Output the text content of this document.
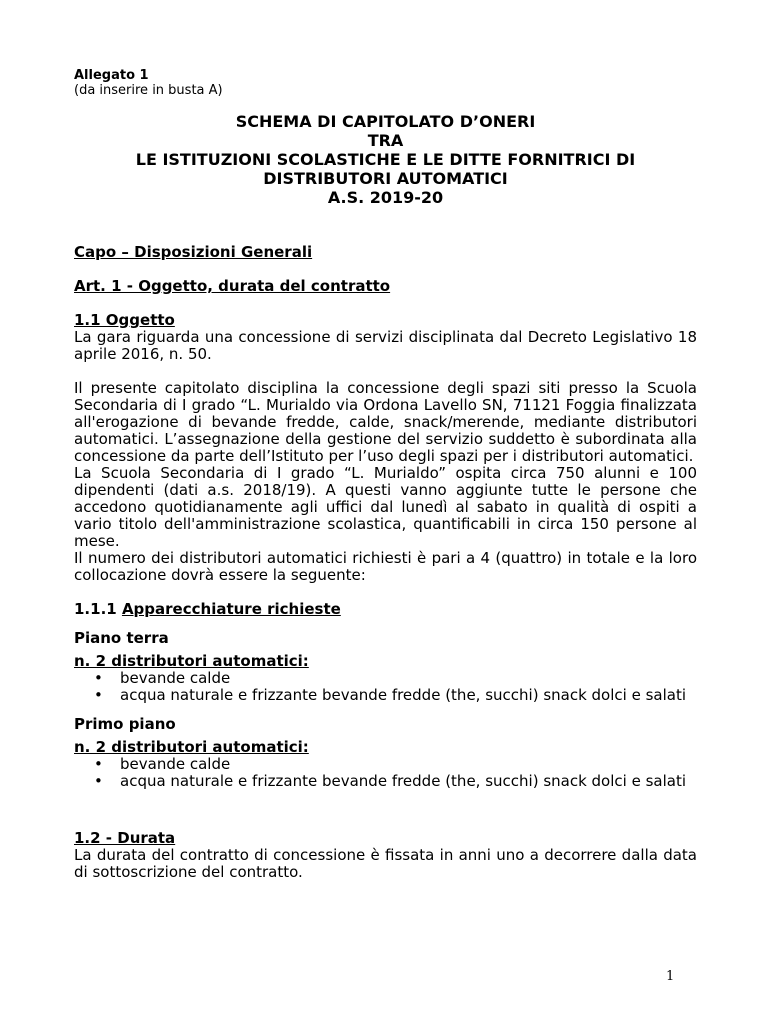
Allegato 1
(da inserire in busta A)
SCHEMA DI CAPITOLATO D’ONERI
TRA
LE ISTITUZIONI SCOLASTICHE E LE DITTE FORNITRICI DI
DISTRIBUTORI AUTOMATICI
A.S. 2019-20
Capo – Disposizioni Generali
Art. 1 - Oggetto, durata del contratto
1.1 Oggetto

La gara riguarda una concessione di servizi disciplinata dal Decreto Legislativo 18 aprile 2016, n. 50.

Il presente capitolato disciplina la concessione degli spazi siti presso la Scuola Secondaria di I grado “L. Murialdo via Ordona Lavello SN, 71121 Foggia finalizzata all'erogazione di bevande fredde, calde, snack/merende, mediante distributori automatici. L’assegnazione della gestione del servizio suddetto è subordinata alla concessione da parte dell’Istituto per l’uso degli spazi per i distributori automatici.

La Scuola Secondaria di I grado “L. Murialdo” ospita circa 750 alunni e 100 dipendenti (dati a.s. 2018/19). A questi vanno aggiunte tutte le persone che accedono quotidianamente agli uffici dal lunedì al sabato in qualità di ospiti a vario titolo dell'amministrazione scolastica, quantificabili in circa 150 persone al mese.

Il numero dei distributori automatici richiesti è pari a 4 (quattro) in totale e la loro collocazione dovrà essere la seguente:

1.1.1 Apparecchiature richieste
Piano terra
n. 2 distributori automatici:
• bevande calde
• acqua naturale e frizzante bevande fredde (the, succhi) snack dolci e salati
Primo piano
n. 2 distributori automatici:
• bevande calde
• acqua naturale e frizzante bevande fredde (the, succhi) snack dolci e salati
1.2 - Durata

La durata del contratto di concessione è fissata in anni uno a decorrere dalla data di sottoscrizione del contratto.

1
